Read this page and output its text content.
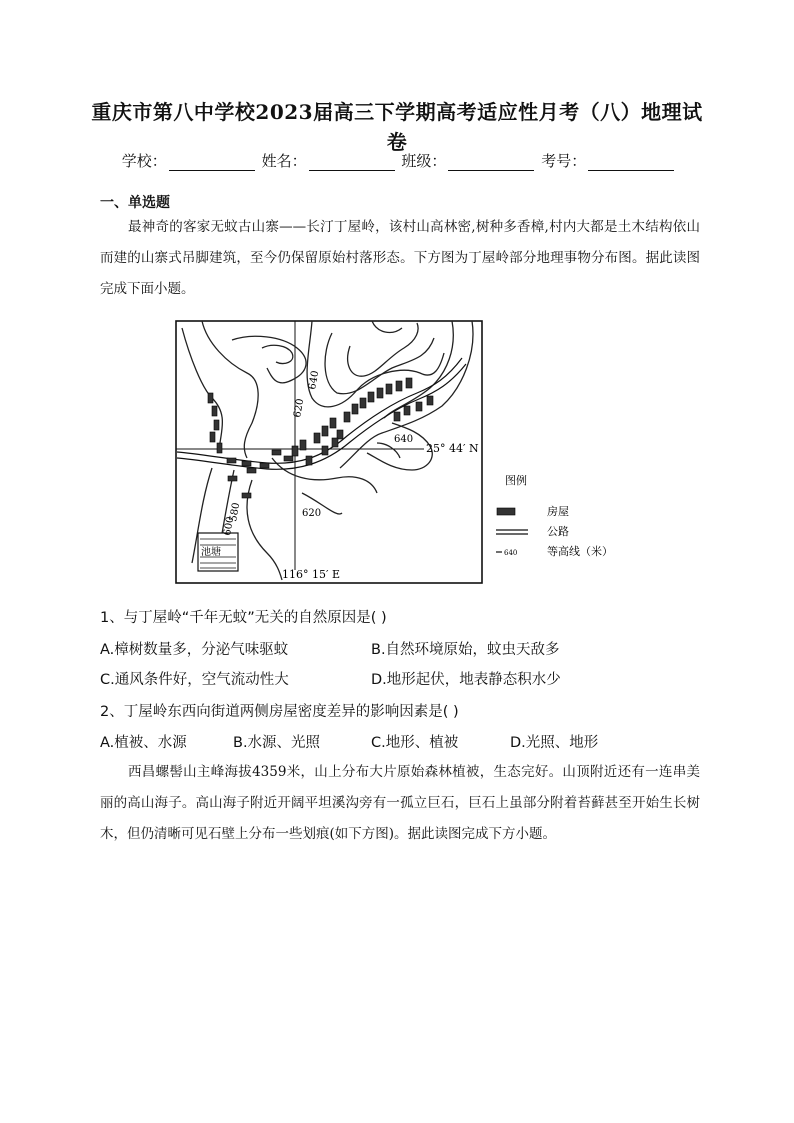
重庆市第八中学校2023届高三下学期高考适应性月考（八）地理试
卷
学校：	姓名：	班级：	考号：
一、单选题
最神奇的客家无蚊古山寨——长汀丁屋岭，该村山高林密,树种多香樟,村内大都是土木结构依山而建的山寨式吊脚建筑，至今仍保留原始村落形态。下方图为丁屋岭部分地理事物分布图。据此读图完成下面小题。
池塘
640
620
640
25° 44′ N
580
600
620
116° 15′ E
图例
房屋
公路
640	等高线（米）
1、与丁屋岭“千年无蚊”无关的自然原因是( )
A.樟树数量多，分泌气味驱蚊	B.自然环境原始，蚊虫天敌多
C.通风条件好，空气流动性大	D.地形起伏，地表静态积水少
2、丁屋岭东西向街道两侧房屋密度差异的影响因素是( )
A.植被、水源	B.水源、光照	C.地形、植被	D.光照、地形
西昌螺髻山主峰海拔4359米，山上分布大片原始森林植被，生态完好。山顶附近还有一连串美丽的高山海子。高山海子附近开阔平坦溪沟旁有一孤立巨石，巨石上虽部分附着苔藓甚至开始生长树木，但仍清晰可见石壁上分布一些划痕(如下方图)。据此读图完成下方小题。
